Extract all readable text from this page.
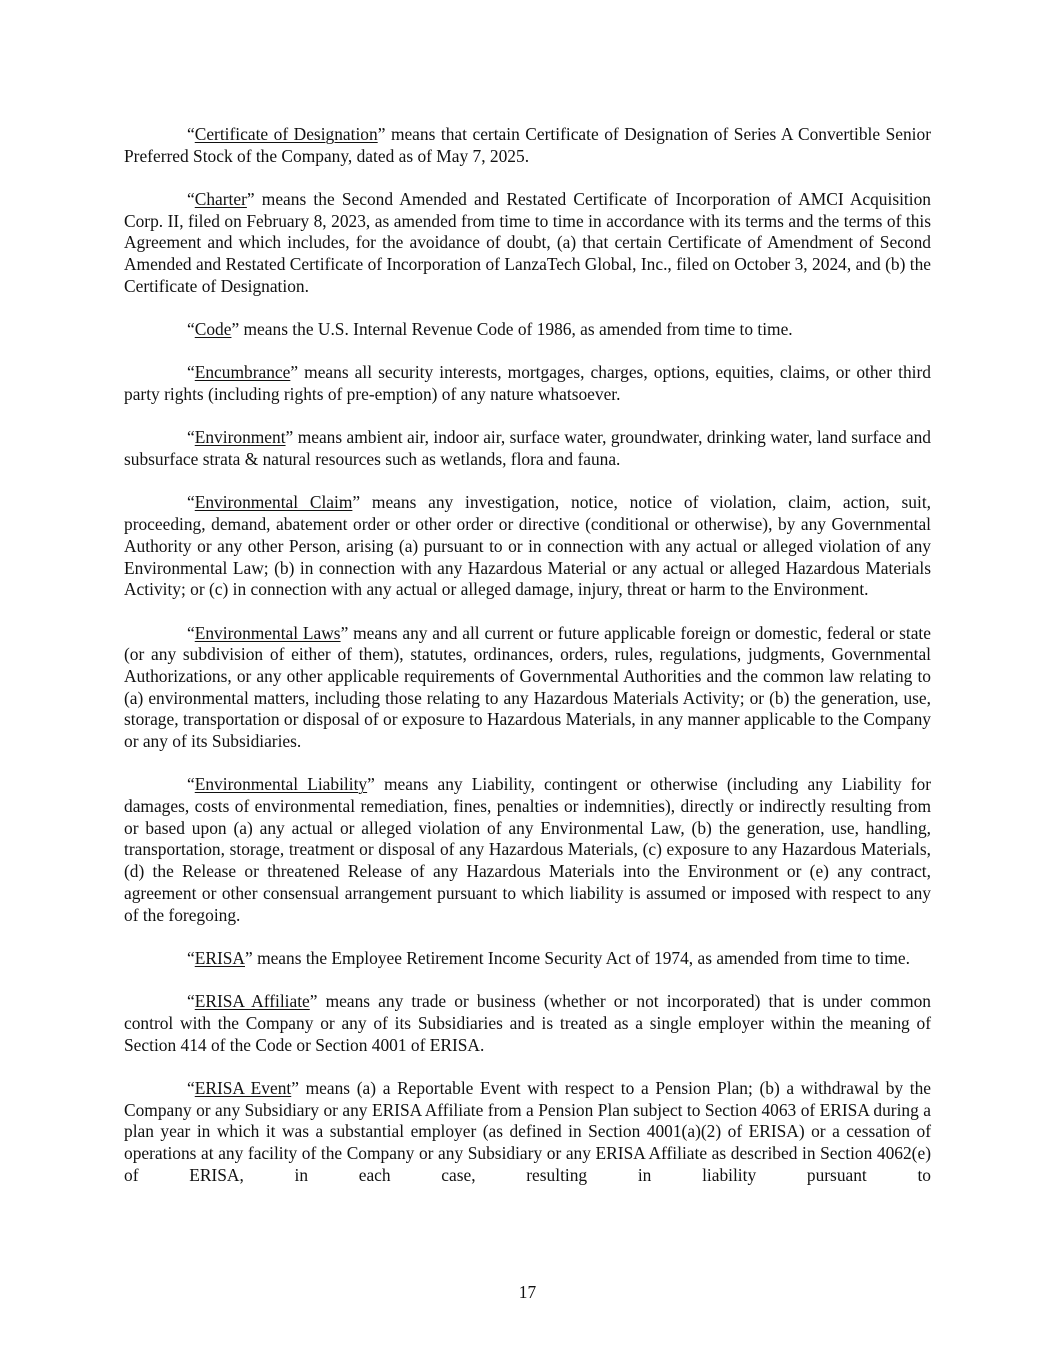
“Certificate of Designation” means that certain Certificate of Designation of Series A Convertible Senior Preferred Stock of the Company, dated as of May 7, 2025.

“Charter” means the Second Amended and Restated Certificate of Incorporation of AMCI Acquisition Corp. II, filed on February 8, 2023, as amended from time to time in accordance with its terms and the terms of this Agreement and which includes, for the avoidance of doubt, (a) that certain Certificate of Amendment of Second Amended and Restated Certificate of Incorporation of LanzaTech Global, Inc., filed on October 3, 2024, and (b) the Certificate of Designation.

“Code” means the U.S. Internal Revenue Code of 1986, as amended from time to time.

“Encumbrance” means all security interests, mortgages, charges, options, equities, claims, or other third party rights (including rights of pre-emption) of any nature whatsoever.

“Environment” means ambient air, indoor air, surface water, groundwater, drinking water, land surface and subsurface strata & natural resources such as wetlands, flora and fauna.

“Environmental Claim” means any investigation, notice, notice of violation, claim, action, suit, proceeding, demand, abatement order or other order or directive (conditional or otherwise), by any Governmental Authority or any other Person, arising (a) pursuant to or in connection with any actual or alleged violation of any Environmental Law; (b) in connection with any Hazardous Material or any actual or alleged Hazardous Materials Activity; or (c) in connection with any actual or alleged damage, injury, threat or harm to the Environment.

“Environmental Laws” means any and all current or future applicable foreign or domestic, federal or state (or any subdivision of either of them), statutes, ordinances, orders, rules, regulations, judgments, Governmental Authorizations, or any other applicable requirements of Governmental Authorities and the common law relating to (a) environmental matters, including those relating to any Hazardous Materials Activity; or (b) the generation, use, storage, transportation or disposal of or exposure to Hazardous Materials, in any manner applicable to the Company or any of its Subsidiaries.

“Environmental Liability” means any Liability, contingent or otherwise (including any Liability for damages, costs of environmental remediation, fines, penalties or indemnities), directly or indirectly resulting from or based upon (a) any actual or alleged violation of any Environmental Law, (b) the generation, use, handling, transportation, storage, treatment or disposal of any Hazardous Materials, (c) exposure to any Hazardous Materials, (d) the Release or threatened Release of any Hazardous Materials into the Environment or (e) any contract, agreement or other consensual arrangement pursuant to which liability is assumed or imposed with respect to any of the foregoing.

“ERISA” means the Employee Retirement Income Security Act of 1974, as amended from time to time.

“ERISA Affiliate” means any trade or business (whether or not incorporated) that is under common control with the Company or any of its Subsidiaries and is treated as a single employer within the meaning of Section 414 of the Code or Section 4001 of ERISA.

“ERISA Event” means (a) a Reportable Event with respect to a Pension Plan; (b) a withdrawal by the Company or any Subsidiary or any ERISA Affiliate from a Pension Plan subject to Section 4063 of ERISA during a plan year in which it was a substantial employer (as defined in Section 4001(a)(2) of ERISA) or a cessation of operations at any facility of the Company or any Subsidiary or any ERISA Affiliate as described in Section 4062(e) of ERISA, in each case, resulting in liability pursuant to

17
